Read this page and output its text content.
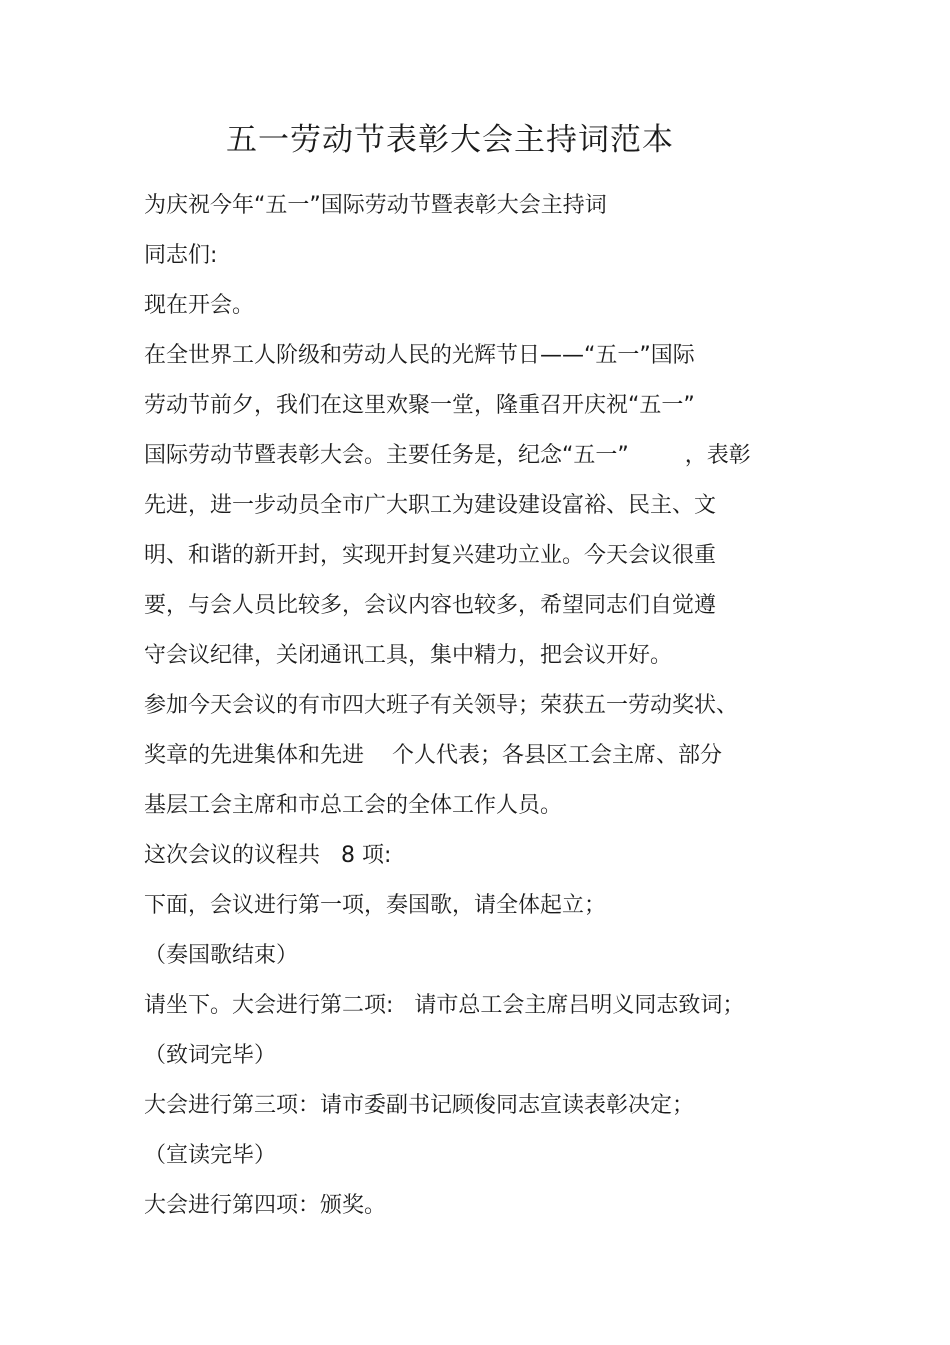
五一劳动节表彰大会主持词范本

为庆祝今年“五一”国际劳动节暨表彰大会主持词

同志们:

现在开会。

在全世界工人阶级和劳动人民的光辉节日——“五一”国际

劳动节前夕，我们在这里欢聚一堂，隆重召开庆祝“五一”

国际劳动节暨表彰大会。主要任务是，纪念“五一”        ，表彰

先进，进一步动员全市广大职工为建设建设富裕、民主、文

明、和谐的新开封，实现开封复兴建功立业。今天会议很重

要，与会人员比较多，会议内容也较多，希望同志们自觉遵

守会议纪律，关闭通讯工具，集中精力，把会议开好。

参加今天会议的有市四大班子有关领导；荣获五一劳动奖状、

奖章的先进集体和先进    个人代表；各县区工会主席、部分

基层工会主席和市总工会的全体工作人员。

这次会议的议程共   8 项:

下面，会议进行第一项，奏国歌，请全体起立；

（奏国歌结束）

请坐下。大会进行第二项:   请市总工会主席吕明义同志致词；

（致词完毕）

大会进行第三项：请市委副书记顾俊同志宣读表彰决定；

（宣读完毕）

大会进行第四项：颁奖。
